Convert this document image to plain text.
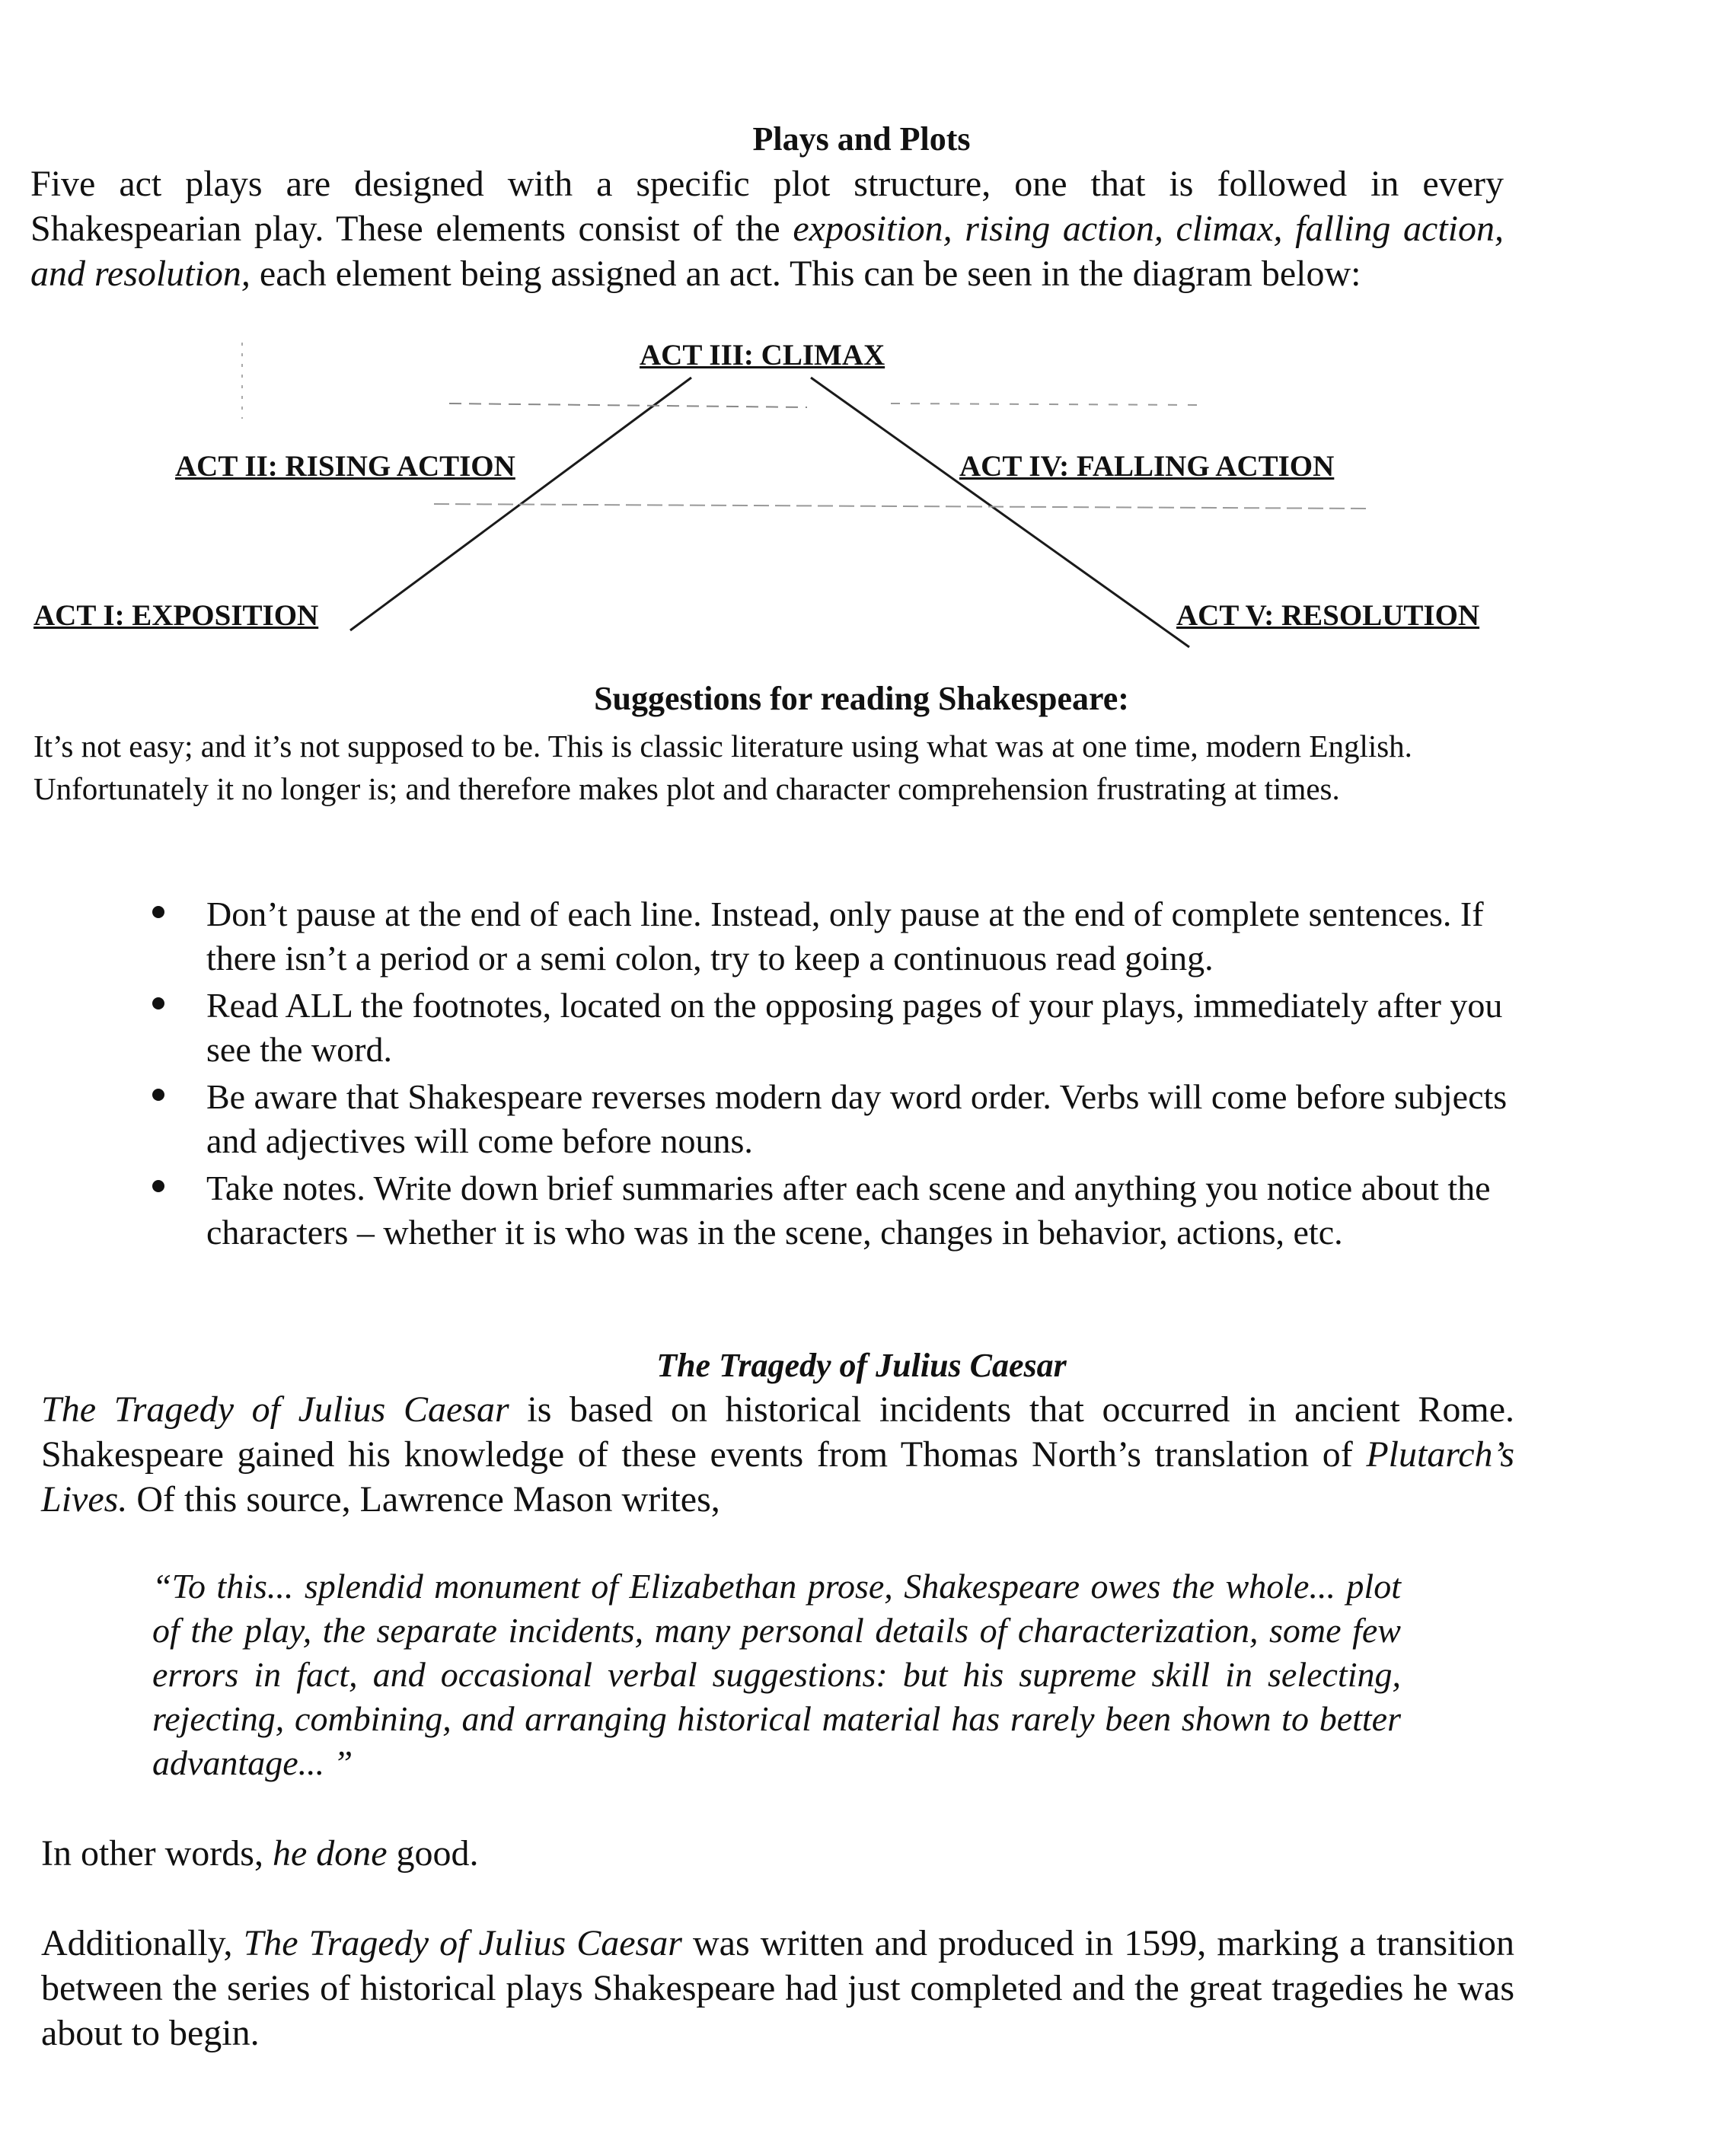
Plays and Plots

Five act plays are designed with a specific plot structure, one that is followed in every Shakespearian play. These elements consist of the exposition, rising action, climax, falling action, and resolution, each element being assigned an act. This can be seen in the diagram below:

ACT III: CLIMAX

ACT II: RISING ACTION	ACT IV: FALLING ACTION

ACT I: EXPOSITION	ACT V: RESOLUTION

Suggestions for reading Shakespeare:

It’s not easy; and it’s not supposed to be. This is classic literature using what was at one time, modern English. Unfortunately it no longer is; and therefore makes plot and character comprehension frustrating at times.

Don’t pause at the end of each line. Instead, only pause at the end of complete sentences. If there isn’t a period or a semi colon, try to keep a continuous read going.
Read ALL the footnotes, located on the opposing pages of your plays, immediately after you see the word.
Be aware that Shakespeare reverses modern day word order. Verbs will come before subjects and adjectives will come before nouns.
Take notes. Write down brief summaries after each scene and anything you notice about the characters – whether it is who was in the scene, changes in behavior, actions, etc.
The Tragedy of Julius Caesar

The Tragedy of Julius Caesar is based on historical incidents that occurred in ancient Rome. Shakespeare gained his knowledge of these events from Thomas North’s translation of Plutarch’s Lives. Of this source, Lawrence Mason writes,

“To this... splendid monument of Elizabethan prose, Shakespeare owes the whole... plot of the play, the separate incidents, many personal details of characterization, some few errors in fact, and occasional verbal suggestions: but his supreme skill in selecting, rejecting, combining, and arranging historical material has rarely been shown to better advantage... ”

In other words, he done good.

Additionally, The Tragedy of Julius Caesar was written and produced in 1599, marking a transition between the series of historical plays Shakespeare had just completed and the great tragedies he was about to begin.
